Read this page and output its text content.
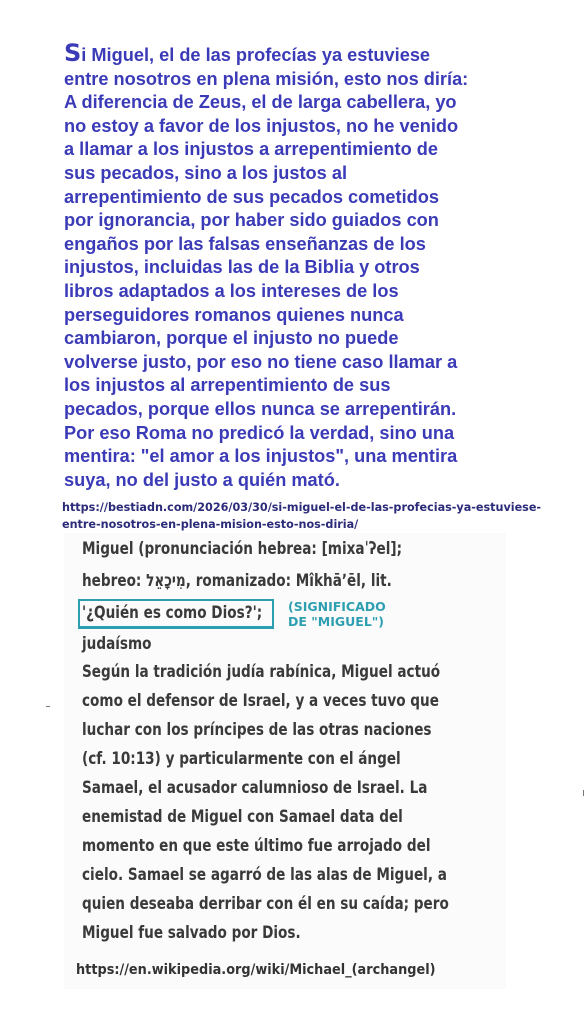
Si Miguel, el de las profecías ya estuviese
entre nosotros en plena misión, esto nos diría:
A diferencia de Zeus, el de larga cabellera, yo
no estoy a favor de los injustos, no he venido
a llamar a los injustos a arrepentimiento de
sus pecados, sino a los justos al
arrepentimiento de sus pecados cometidos
por ignorancia, por haber sido guiados con
engaños por las falsas enseñanzas de los
injustos, incluidas las de la Biblia y otros
libros adaptados a los intereses de los
perseguidores romanos quienes nunca
cambiaron, porque el injusto no puede
volverse justo, por eso no tiene caso llamar a
los injustos al arrepentimiento de sus
pecados, porque ellos nunca se arrepentirán.
Por eso Roma no predicó la verdad, sino una
mentira: "el amor a los injustos", una mentira
suya, no del justo a quién mató.
https://bestiadn.com/2026/03/30/si-miguel-el-de-las-profecias-ya-estuviese-entre-nosotros-en-plena-mision-esto-nos-diria/
Miguel (pronunciación hebrea: [mixaˈʔel];
hebreo: מִיכָאֵל, romanizado: Mîkhāʼēl, lit.
'¿Quién es como Dios?'; (SIGNIFICADO
DE "MIGUEL")
judaísmo
Según la tradición judía rabínica, Miguel actuó
como el defensor de Israel, y a veces tuvo que
luchar con los príncipes de las otras naciones
(cf. 10:13) y particularmente con el ángel
Samael, el acusador calumnioso de Israel. La
enemistad de Miguel con Samael data del
momento en que este último fue arrojado del
cielo. Samael se agarró de las alas de Miguel, a
quien deseaba derribar con él en su caída; pero
Miguel fue salvado por Dios.
https://en.wikipedia.org/wiki/Michael_(archangel)
